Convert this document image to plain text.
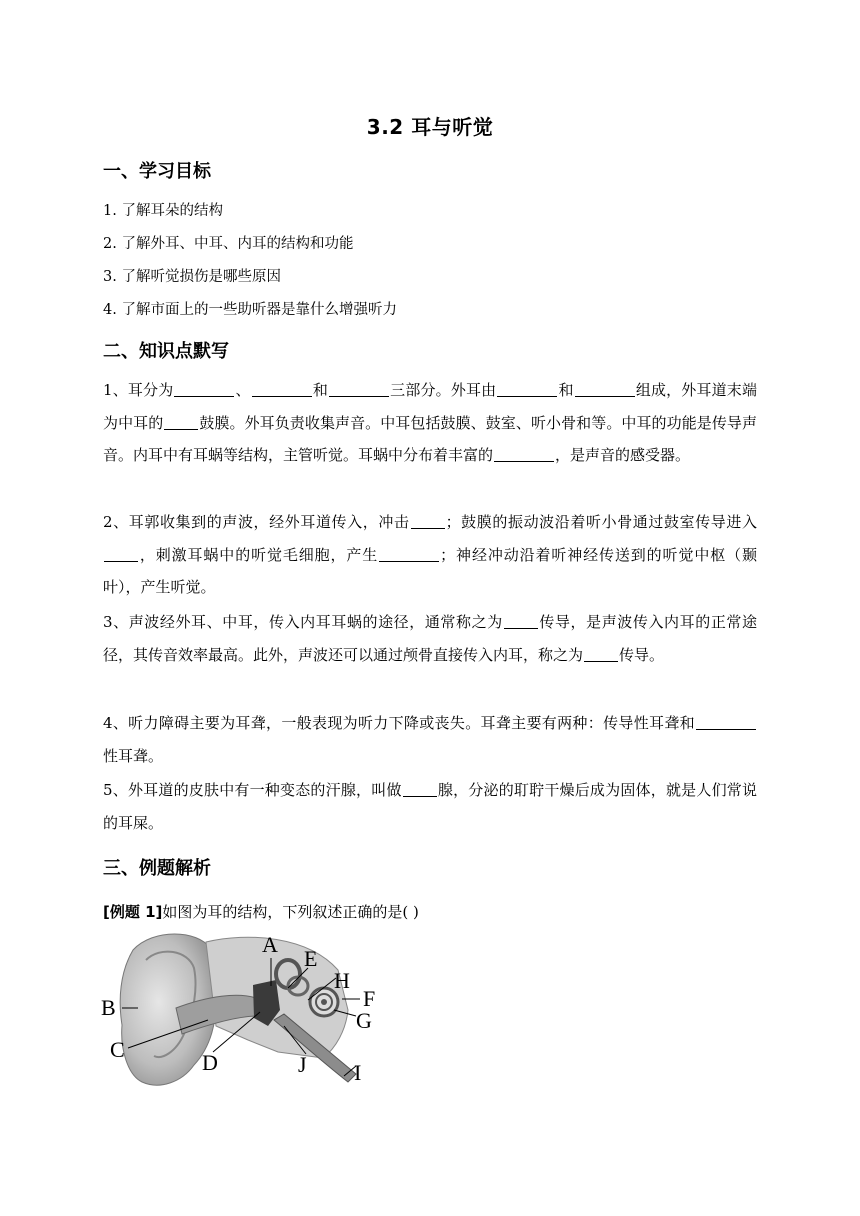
3.2 耳与听觉
一、学习目标
1. 了解耳朵的结构
2. 了解外耳、中耳、内耳的结构和功能
3. 了解听觉损伤是哪些原因
4. 了解市面上的一些助听器是靠什么增强听力
二、知识点默写
1、耳分为	、	和	三部分。外耳由	和	组成，外耳道末端为中耳的 鼓膜。外耳负责收集声音。中耳包括鼓膜、鼓室、听小骨和等。中耳的功能是传导声音。内耳中有耳蜗等结构，主管听觉。耳蜗中分布着丰富的	，是声音的感受器。
2、耳郭收集到的声波，经外耳道传入，冲击 ；鼓膜的振动波沿着听小骨通过鼓室传导进入，刺激耳蜗中的听觉毛细胞，产生	；神经冲动沿着听神经传送到的听觉中枢（颞叶），产生听觉。
3、声波经外耳、中耳，传入内耳耳蜗的途径，通常称之为 传导，是声波传入内耳的正常途径，其传音效率最高。此外，声波还可以通过颅骨直接传入内耳，称之为 传导。
4、听力障碍主要为耳聋，一般表现为听力下降或丧失。耳聋主要有两种：传导性耳聋和性耳聋。
5、外耳道的皮肤中有一种变态的汗腺，叫做 腺，分泌的耵聍干燥后成为固体，就是人们常说的耳屎。
三、例题解析
[例题 1]如图为耳的结构，下列叙述正确的是( )
A
B
C
D
E
F
G
H
I
J
